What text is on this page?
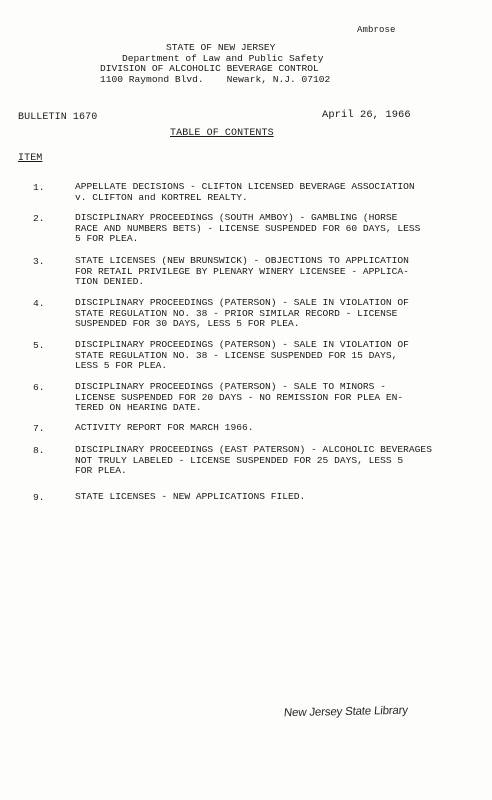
Ambrose
STATE OF NEW JERSEY
Department of Law and Public Safety
DIVISION OF ALCOHOLIC BEVERAGE CONTROL
1100 Raymond Blvd.    Newark, N.J. 07102
BULLETIN 1670	April 26, 1966
TABLE OF CONTENTS
ITEM
1.	APPELLATE DECISIONS - CLIFTON LICENSED BEVERAGE ASSOCIATION
v. CLIFTON and KORTREL REALTY.
2.	DISCIPLINARY PROCEEDINGS (SOUTH AMBOY) - GAMBLING (HORSE
RACE AND NUMBERS BETS) - LICENSE SUSPENDED FOR 60 DAYS, LESS
5 FOR PLEA.
3.	STATE LICENSES (NEW BRUNSWICK) - OBJECTIONS TO APPLICATION
FOR RETAIL PRIVILEGE BY PLENARY WINERY LICENSEE - APPLICA-
TION DENIED.
4.	DISCIPLINARY PROCEEDINGS (PATERSON) - SALE IN VIOLATION OF
STATE REGULATION NO. 38 - PRIOR SIMILAR RECORD - LICENSE
SUSPENDED FOR 30 DAYS, LESS 5 FOR PLEA.
5.	DISCIPLINARY PROCEEDINGS (PATERSON) - SALE IN VIOLATION OF
STATE REGULATION NO. 38 - LICENSE SUSPENDED FOR 15 DAYS,
LESS 5 FOR PLEA.
6.	DISCIPLINARY PROCEEDINGS (PATERSON) - SALE TO MINORS -
LICENSE SUSPENDED FOR 20 DAYS - NO REMISSION FOR PLEA EN-
TERED ON HEARING DATE.
7.	ACTIVITY REPORT FOR MARCH 1966.
8.	DISCIPLINARY PROCEEDINGS (EAST PATERSON) - ALCOHOLIC BEVERAGES
NOT TRULY LABELED - LICENSE SUSPENDED FOR 25 DAYS, LESS 5
FOR PLEA.
9.	STATE LICENSES - NEW APPLICATIONS FILED.
New Jersey State Library
